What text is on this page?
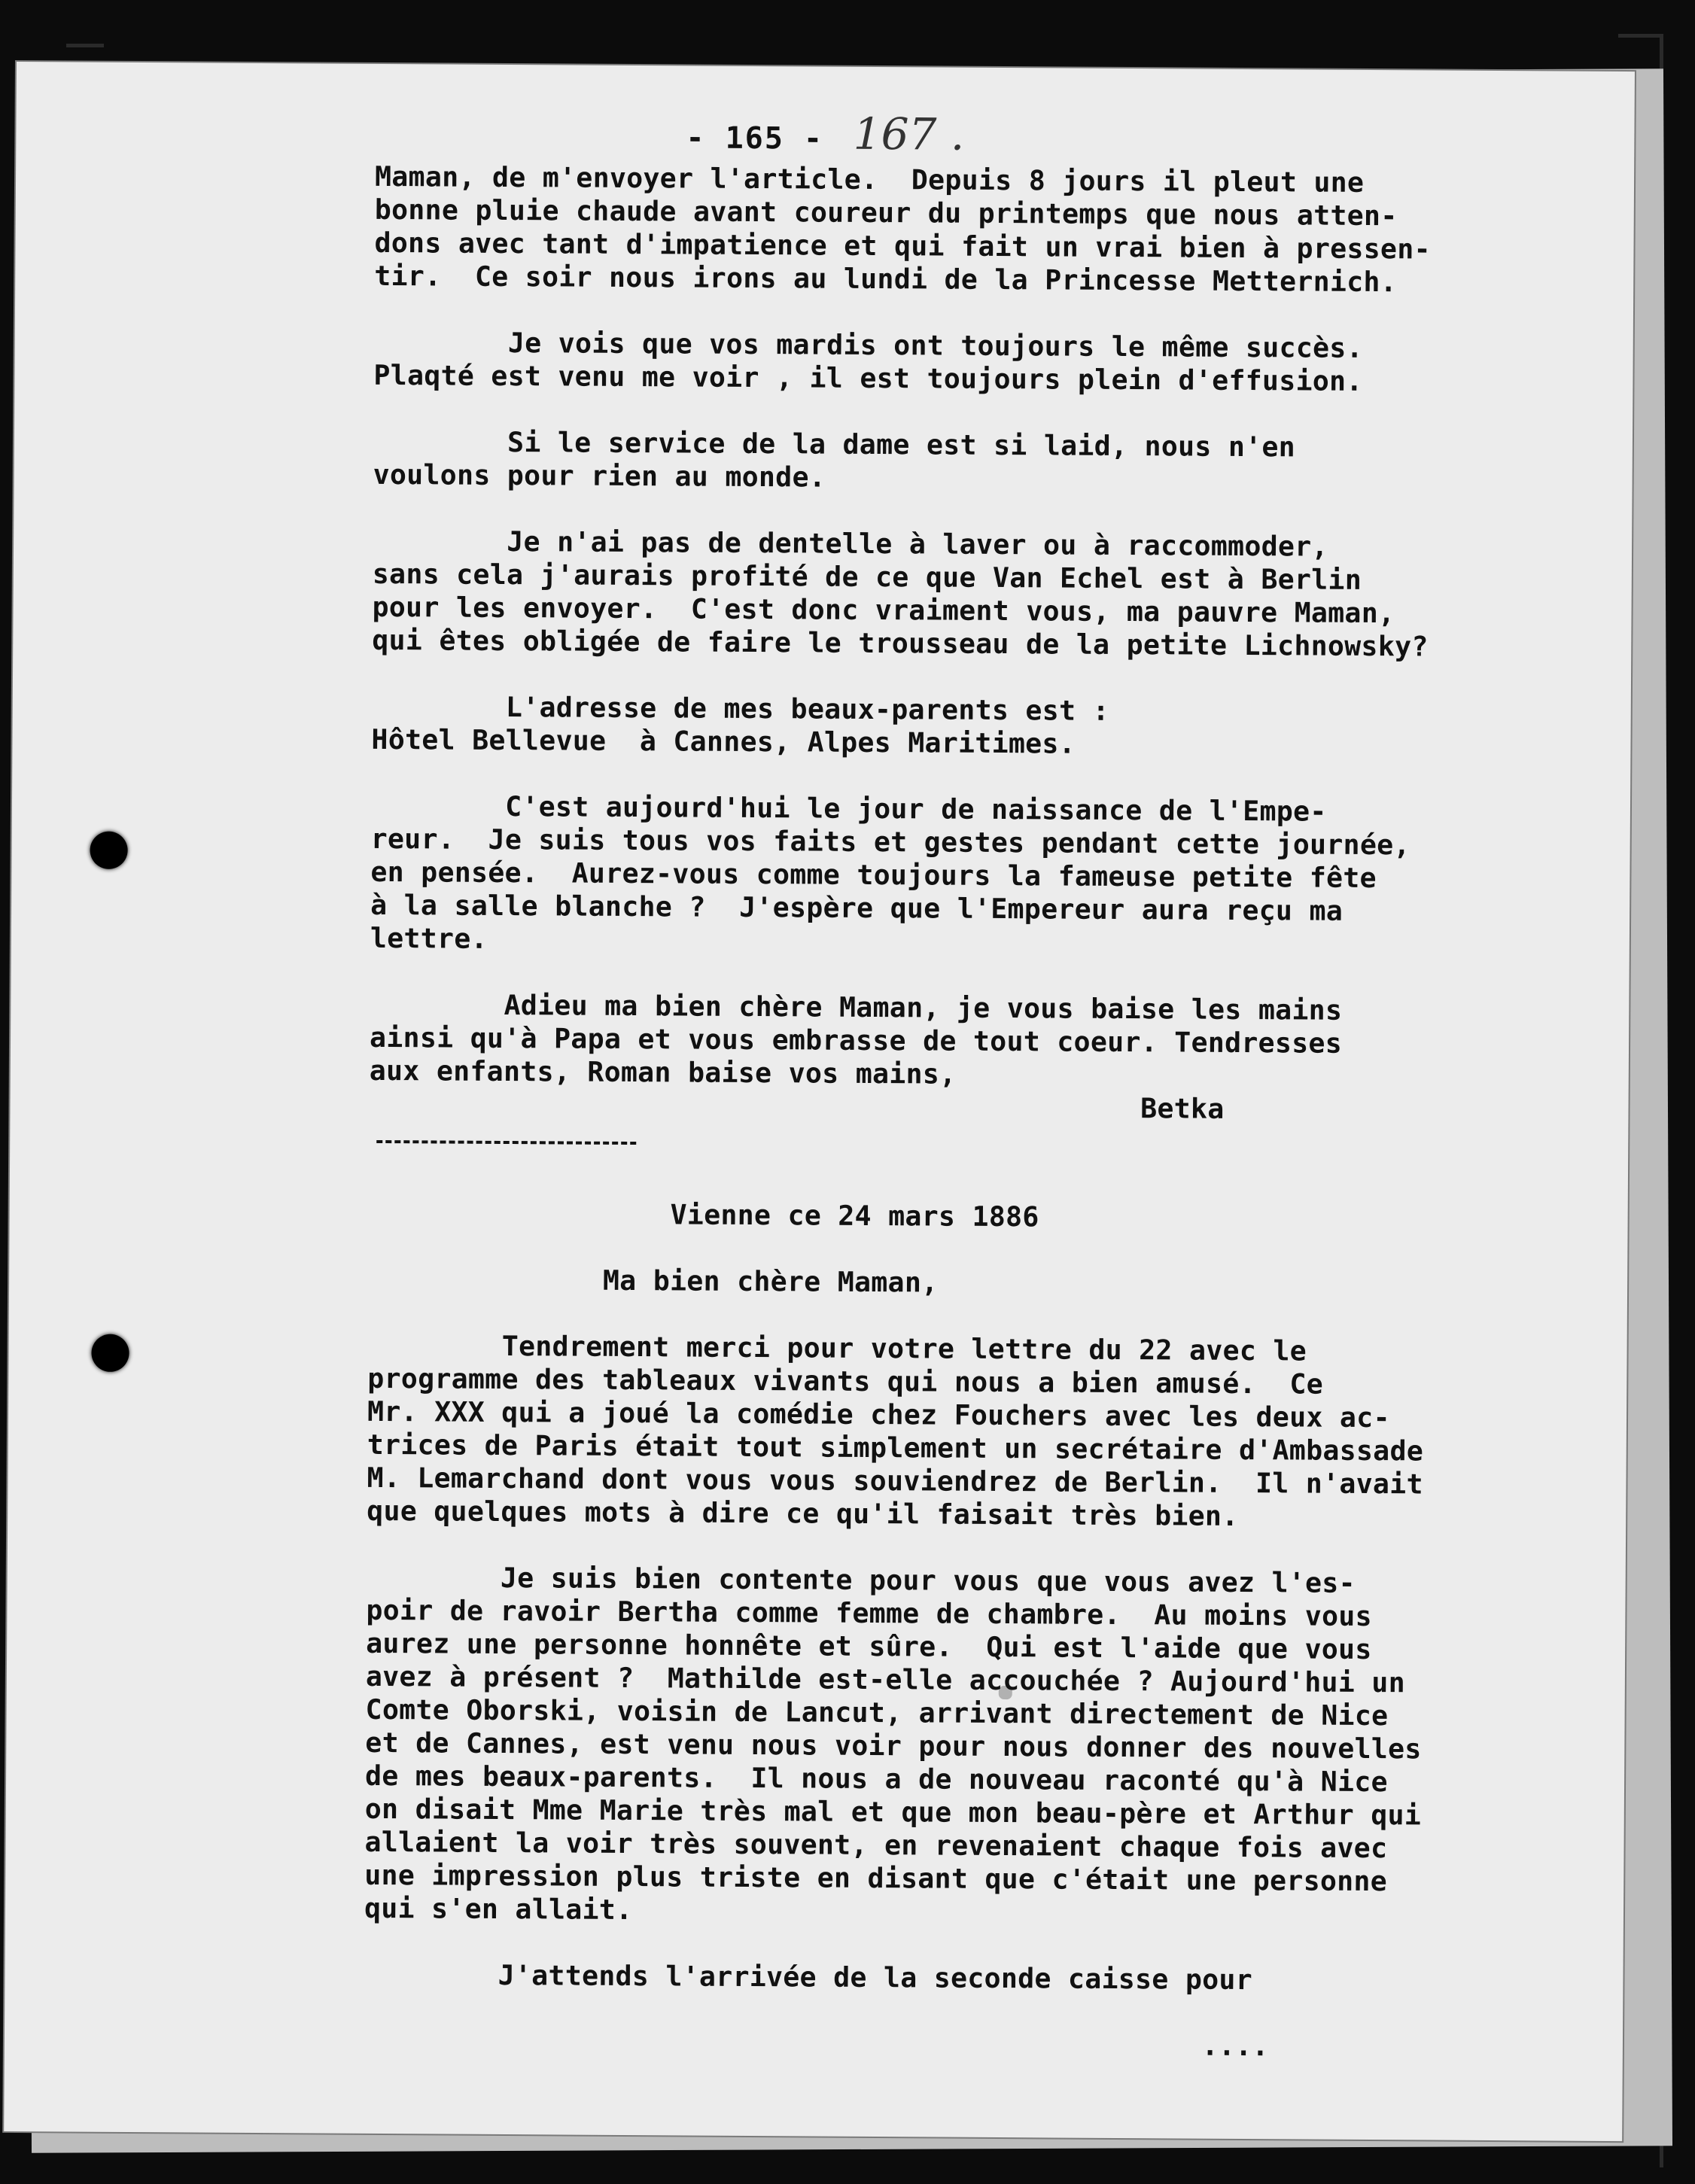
- 165 - 167 .
Maman, de m'envoyer l'article.  Depuis 8 jours il pleut une
bonne pluie chaude avant coureur du printemps que nous atten-
dons avec tant d'impatience et qui fait un vrai bien à pressen-
tir.  Ce soir nous irons au lundi de la Princesse Metternich.

Je vois que vos mardis ont toujours le même succès.
Plaqté est venu me voir , il est toujours plein d'effusion.

Si le service de la dame est si laid, nous n'en
voulons pour rien au monde.

Je n'ai pas de dentelle à laver ou à raccommoder,
sans cela j'aurais profité de ce que Van Echel est à Berlin
pour les envoyer.  C'est donc vraiment vous, ma pauvre Maman,
qui êtes obligée de faire le trousseau de la petite Lichnowsky?

L'adresse de mes beaux-parents est :
Hôtel Bellevue  à Cannes, Alpes Maritimes.

C'est aujourd'hui le jour de naissance de l'Empe-
reur.  Je suis tous vos faits et gestes pendant cette journée,
en pensée.  Aurez-vous comme toujours la fameuse petite fête
à la salle blanche ?  J'espère que l'Empereur aura reçu ma
lettre.

Adieu ma bien chère Maman, je vous baise les mains
ainsi qu'à Papa et vous embrasse de tout coeur. Tendresses
aux enfants, Roman baise vos mains,
Betka
Vienne ce 24 mars 1886

Ma bien chère Maman,

Tendrement merci pour votre lettre du 22 avec le
programme des tableaux vivants qui nous a bien amusé.  Ce
Mr. XXX qui a joué la comédie chez Fouchers avec les deux ac-
trices de Paris était tout simplement un secrétaire d'Ambassade
M. Lemarchand dont vous vous souviendrez de Berlin.  Il n'avait
que quelques mots à dire ce qu'il faisait très bien.

Je suis bien contente pour vous que vous avez l'es-
poir de ravoir Bertha comme femme de chambre.  Au moins vous
aurez une personne honnête et sûre.  Qui est l'aide que vous
avez à présent ?  Mathilde est-elle accouchée ? Aujourd'hui un
Comte Oborski, voisin de Lancut, arrivant directement de Nice
et de Cannes, est venu nous voir pour nous donner des nouvelles
de mes beaux-parents.  Il nous a de nouveau raconté qu'à Nice
on disait Mme Marie très mal et que mon beau-père et Arthur qui
allaient la voir très souvent, en revenaient chaque fois avec
une impression plus triste en disant que c'était une personne
qui s'en allait.

J'attends l'arrivée de la seconde caisse pour

....
